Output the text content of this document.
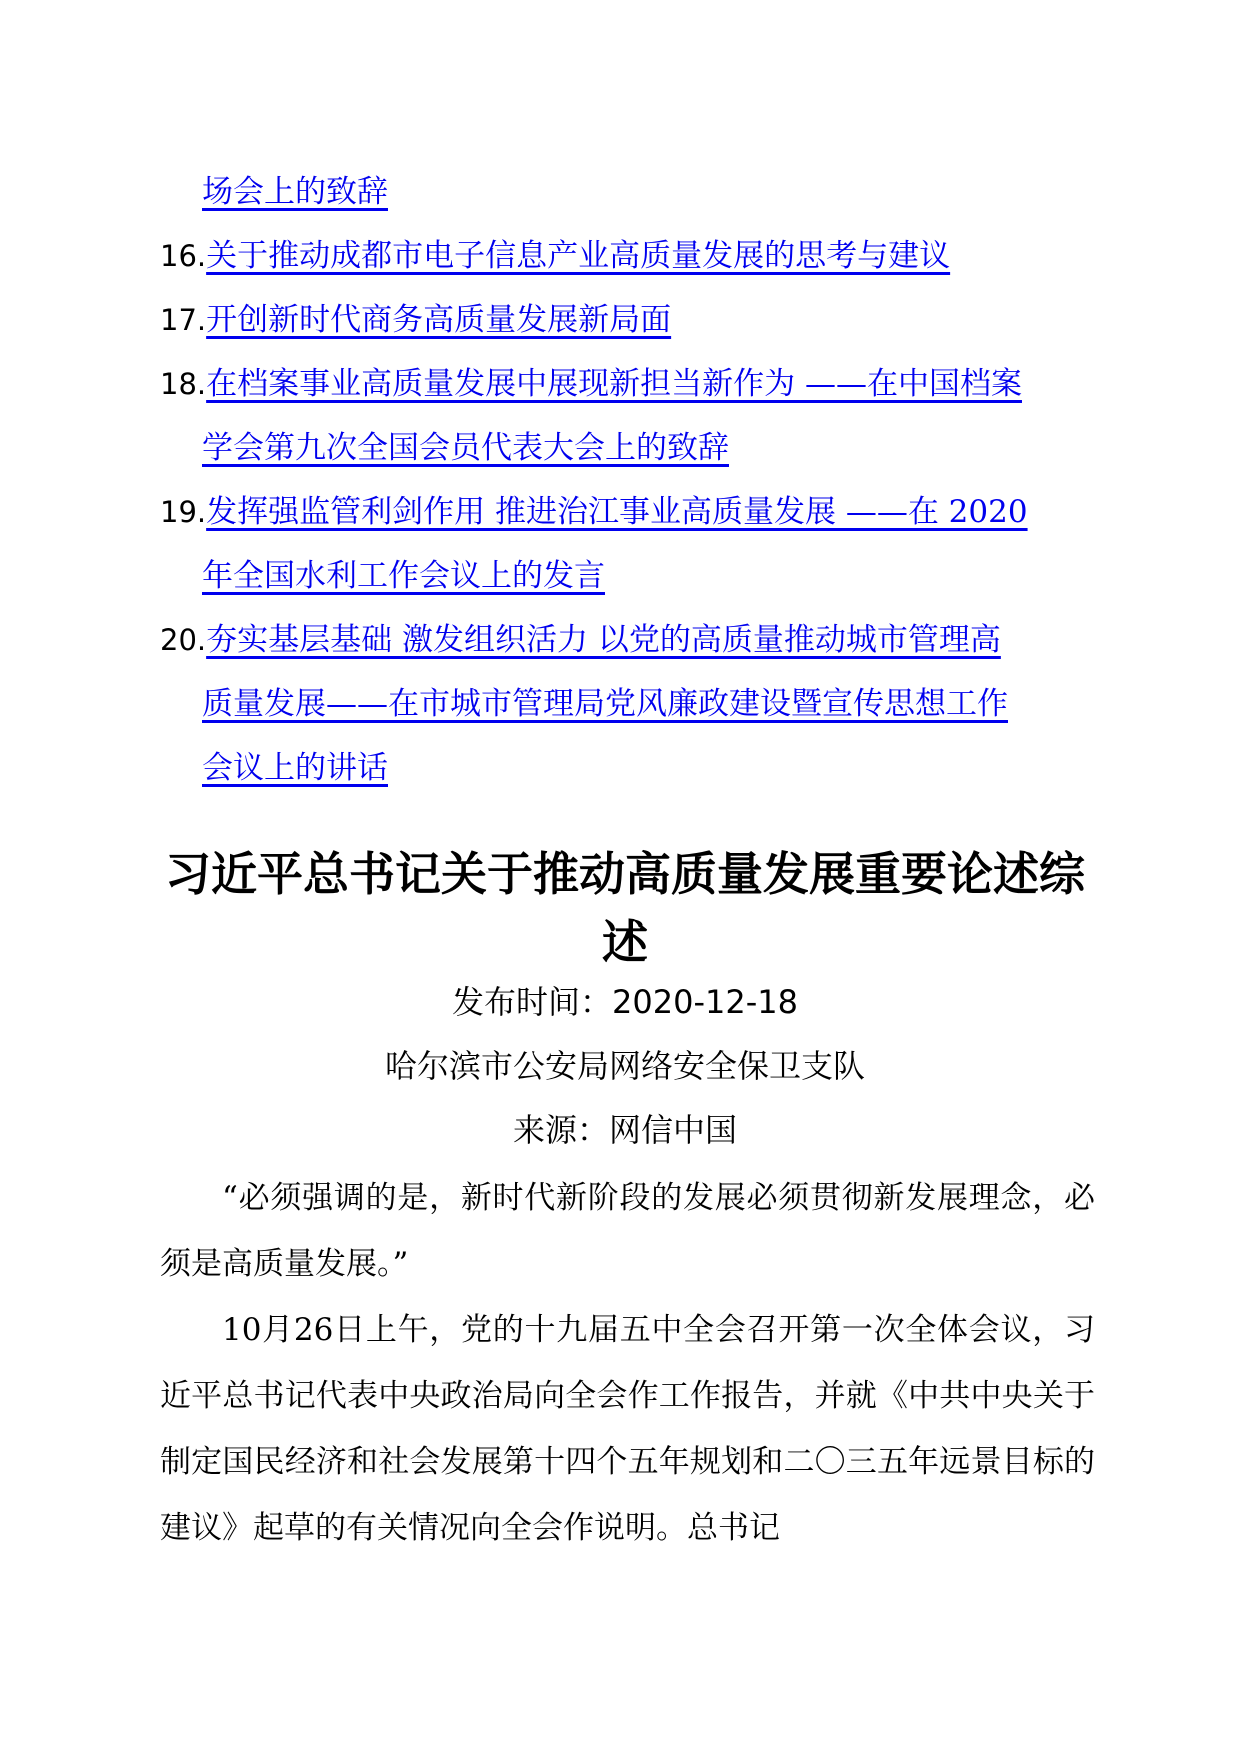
场会上的致辞
16. 关于推动成都市电子信息产业高质量发展的思考与建议
17. 开创新时代商务高质量发展新局面
18. 在档案事业高质量发展中展现新担当新作为 ——在中国档案
学会第九次全国会员代表大会上的致辞
19. 发挥强监管利剑作用 推进治江事业高质量发展 ——在 2020
年全国水利工作会议上的发言
20. 夯实基层基础 激发组织活力 以党的高质量推动城市管理高
质量发展——在市城市管理局党风廉政建设暨宣传思想工作
会议上的讲话
习近平总书记关于推动高质量发展重要论述综述
发布时间：2020-12-18
哈尔滨市公安局网络安全保卫支队
来源：网信中国

“必须强调的是，新时代新阶段的发展必须贯彻新发展理念，必须是高质量发展。”

10月26日上午，党的十九届五中全会召开第一次全体会议，习近平总书记代表中央政治局向全会作工作报告，并就《中共中央关于制定国民经济和社会发展第十四个五年规划和二〇三五年远景目标的建议》起草的有关情况向全会作说明。总书记
